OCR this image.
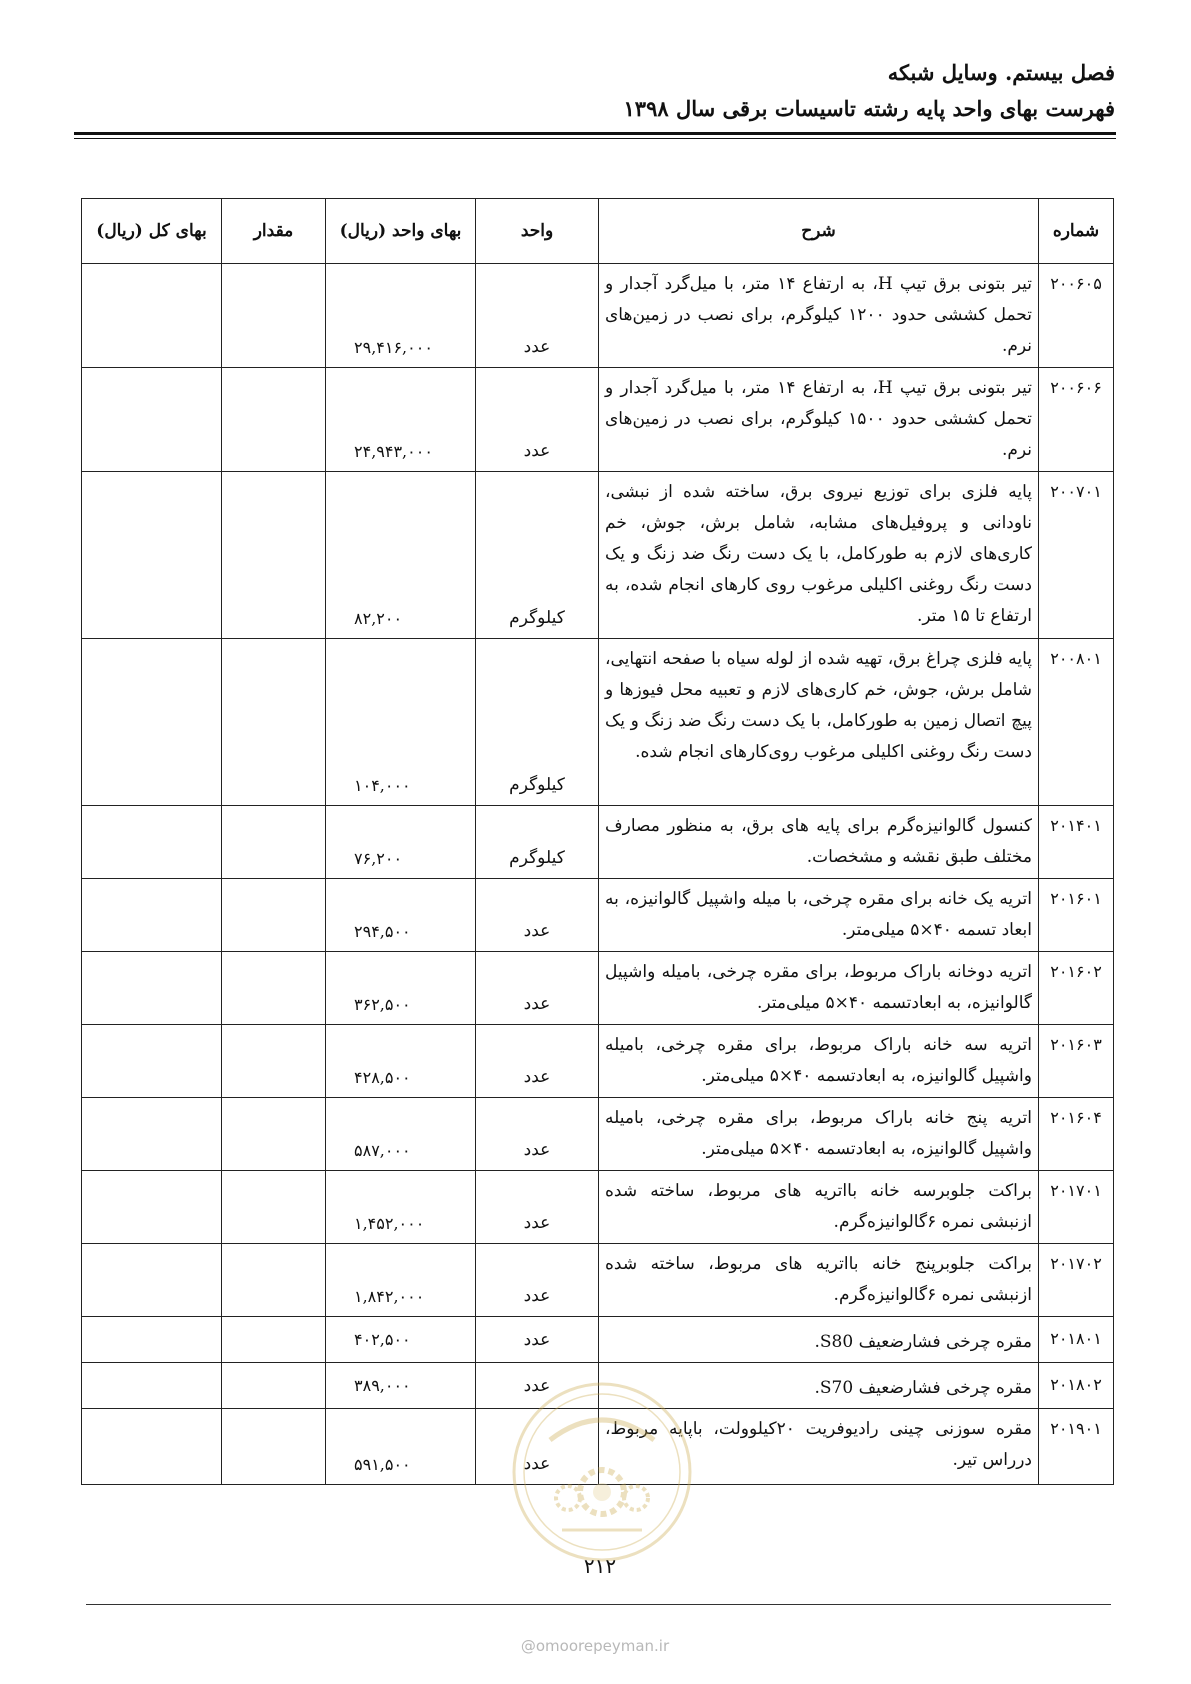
فصل بیستم. وسایل شبکه
فهرست بهای واحد پایه رشته تاسیسات برقی سال ۱۳۹۸
شماره	شرح	واحد	بهای واحد (ریال)	مقدار	بهای کل (ریال)
۲۰۰۶۰۵	تیر بتونی برق تیپ H، به ارتفاع ۱۴ متر، با میل‌گرد آ‌جدار و تحمل کششی حدود ۱۲۰۰ کیلوگرم، برای نصب در زمین‌های نرم.	عدد	۲۹,۴۱۶,۰۰۰		
۲۰۰۶۰۶	تیر بتونی برق تیپ H، به ارتفاع ۱۴ متر، با میل‌گرد آ‌جدار و تحمل کششی حدود ۱۵۰۰ کیلوگرم، برای نصب در زمین‌های نرم.	عدد	۲۴,۹۴۳,۰۰۰		
۲۰۰۷۰۱	پایه فلزی برای توزیع نیروی برق، ساخته شده از نبشی، ناودانی و پروفیل‌های مشابه، شامل برش، جوش، خم کاری‌های لازم به طورکامل، با یک دست رنگ ضد زنگ و یک دست رنگ روغنی اکلیلی مرغوب روی کارهای انجام شده، به ارتفاع تا ۱۵ متر.	کیلوگرم	۸۲,۲۰۰		
۲۰۰۸۰۱	پایه فلزی چراغ برق، تهیه شده از لوله سیاه با صفحه انتهایی، شامل برش، جوش، خم کاری‌های لازم و تعبیه محل فیوزها و پیچ اتصال زمین به طورکامل، با یک دست رنگ ضد زنگ و یک دست رنگ روغنی اکلیلی مرغوب روی‌کارهای انجام شده.	کیلوگرم	۱۰۴,۰۰۰		
۲۰۱۴۰۱	کنسول گالوانیزه‌گرم برای پایه های برق، به منظور مصارف مختلف طبق نقشه و مشخصات.	کیلوگرم	۷۶,۲۰۰		
۲۰۱۶۰۱	اتریه یک خانه برای مقره چرخی، با میله واشپیل گالوانیزه، به ابعاد تسمه ۴۰×۵ میلی‌متر.	عدد	۲۹۴,۵۰۰		
۲۰۱۶۰۲	اتریه دوخانه باراک مربوط، برای مقره چرخی، بامیله واشپیل گالوانیزه، به ابعادتسمه ۴۰×۵ میلی‌متر.	عدد	۳۶۲,۵۰۰		
۲۰۱۶۰۳	اتریه سه خانه باراک مربوط، برای مقره چرخی، بامیله واشپیل گالوانیزه، به ابعادتسمه ۴۰×۵ میلی‌متر.	عدد	۴۲۸,۵۰۰		
۲۰۱۶۰۴	اتریه پنج خانه باراک مربوط، برای مقره چرخی، بامیله واشپیل گالوانیزه، به ابعادتسمه ۴۰×۵ میلی‌متر.	عدد	۵۸۷,۰۰۰		
۲۰۱۷۰۱	براکت جلوبرسه خانه بااتریه های مربوط، ساخته شده ازنبشی نمره ۶گالوانیزه‌گرم.	عدد	۱,۴۵۲,۰۰۰		
۲۰۱۷۰۲	براکت جلوبرپنج خانه بااتریه های مربوط، ساخته شده ازنبشی نمره ۶گالوانیزه‌گرم.	عدد	۱,۸۴۲,۰۰۰		
۲۰۱۸۰۱	مقره چرخی فشارضعیف S80.	عدد	۴۰۲,۵۰۰		
۲۰۱۸۰۲	مقره چرخی فشارضعیف S70.	عدد	۳۸۹,۰۰۰		
۲۰۱۹۰۱	مقره سوزنی چینی رادیوفریت ۲۰کیلوولت، باپایه مربوط، درراس تیر.	عدد	۵۹۱,۵۰۰		
۲۱۲
@omoorepeyman.ir
